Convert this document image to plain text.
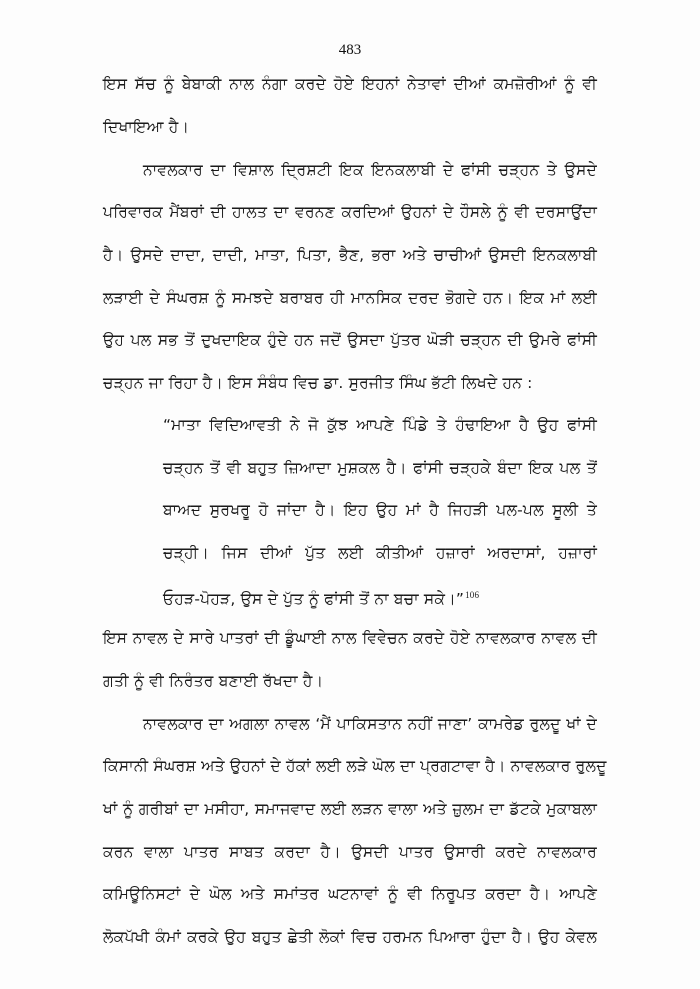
483
ਇਸ ਸੱਚ ਨੂੰ ਬੇਬਾਕੀ ਨਾਲ ਨੰਗਾ ਕਰਦੇ ਹੋਏ ਇਹਨਾਂ ਨੇਤਾਵਾਂ ਦੀਆਂ ਕਮਜ਼ੋਰੀਆਂ ਨੂੰ ਵੀ
ਦਿਖਾਇਆ ਹੈ।
ਨਾਵਲਕਾਰ ਦਾ ਵਿਸ਼ਾਲ ਦ੍ਰਿਸ਼ਟੀ ਇਕ ਇਨਕਲਾਬੀ ਦੇ ਫਾਂਸੀ ਚੜ੍ਹਨ ਤੇ ਉਸਦੇ
ਪਰਿਵਾਰਕ ਮੈਂਬਰਾਂ ਦੀ ਹਾਲਤ ਦਾ ਵਰਨਣ ਕਰਦਿਆਂ ਉਹਨਾਂ ਦੇ ਹੌਸਲੇ ਨੂੰ ਵੀ ਦਰਸਾਉਂਦਾ
ਹੈ। ਉਸਦੇ ਦਾਦਾ, ਦਾਦੀ, ਮਾਤਾ, ਪਿਤਾ, ਭੈਣ, ਭਰਾ ਅਤੇ ਚਾਚੀਆਂ ਉਸਦੀ ਇਨਕਲਾਬੀ
ਲੜਾਈ ਦੇ ਸੰਘਰਸ਼ ਨੂੰ ਸਮਝਦੇ ਬਰਾਬਰ ਹੀ ਮਾਨਸਿਕ ਦਰਦ ਭੋਗਦੇ ਹਨ। ਇਕ ਮਾਂ ਲਈ
ਉਹ ਪਲ ਸਭ ਤੋਂ ਦੁਖਦਾਇਕ ਹੁੰਦੇ ਹਨ ਜਦੋਂ ਉਸਦਾ ਪੁੱਤਰ ਘੋੜੀ ਚੜ੍ਹਨ ਦੀ ਉਮਰੇ ਫਾਂਸੀ
ਚੜ੍ਹਨ ਜਾ ਰਿਹਾ ਹੈ। ਇਸ ਸੰਬੰਧ ਵਿਚ ਡਾ. ਸੁਰਜੀਤ ਸਿੰਘ ਭੱਟੀ ਲਿਖਦੇ ਹਨ :
“ਮਾਤਾ ਵਿਦਿਆਵਤੀ ਨੇ ਜੋ ਕੁੱਝ ਆਪਣੇ ਪਿੰਡੇ ਤੇ ਹੰਢਾਇਆ ਹੈ ਉਹ ਫਾਂਸੀ
ਚੜ੍ਹਨ ਤੋਂ ਵੀ ਬਹੁਤ ਜ਼ਿਆਦਾ ਮੁਸ਼ਕਲ ਹੈ। ਫਾਂਸੀ ਚੜ੍ਹਕੇ ਬੰਦਾ ਇਕ ਪਲ ਤੋਂ
ਬਾਅਦ ਸੁਰਖਰੂ ਹੋ ਜਾਂਦਾ ਹੈ। ਇਹ ਉਹ ਮਾਂ ਹੈ ਜਿਹੜੀ ਪਲ-ਪਲ ਸੂਲੀ ਤੇ
ਚੜ੍ਹੀ। ਜਿਸ ਦੀਆਂ ਪੁੱਤ ਲਈ ਕੀਤੀਆਂ ਹਜ਼ਾਰਾਂ ਅਰਦਾਸਾਂ, ਹਜ਼ਾਰਾਂ
ਓਹੜ-ਪੋਹੜ, ਉਸ ਦੇ ਪੁੱਤ ਨੂੰ ਫਾਂਸੀ ਤੋਂ ਨਾ ਬਚਾ ਸਕੇ।”$^{106}$
ਇਸ ਨਾਵਲ ਦੇ ਸਾਰੇ ਪਾਤਰਾਂ ਦੀ ਡੂੰਘਾਈ ਨਾਲ ਵਿਵੇਚਨ ਕਰਦੇ ਹੋਏ ਨਾਵਲਕਾਰ ਨਾਵਲ ਦੀ
ਗਤੀ ਨੂੰ ਵੀ ਨਿਰੰਤਰ ਬਣਾਈ ਰੱਖਦਾ ਹੈ।
ਨਾਵਲਕਾਰ ਦਾ ਅਗਲਾ ਨਾਵਲ ‘ਮੈਂ ਪਾਕਿਸਤਾਨ ਨਹੀਂ ਜਾਣਾ’ ਕਾਮਰੇਡ ਰੁਲਦੂ ਖਾਂ ਦੇ
ਕਿਸਾਨੀ ਸੰਘਰਸ਼ ਅਤੇ ਉਹਨਾਂ ਦੇ ਹੱਕਾਂ ਲਈ ਲੜੇ ਘੋਲ ਦਾ ਪ੍ਰਗਟਾਵਾ ਹੈ। ਨਾਵਲਕਾਰ ਰੁਲਦੂ
ਖਾਂ ਨੂੰ ਗਰੀਬਾਂ ਦਾ ਮਸੀਹਾ, ਸਮਾਜਵਾਦ ਲਈ ਲੜਨ ਵਾਲਾ ਅਤੇ ਜ਼ੁਲਮ ਦਾ ਡੱਟਕੇ ਮੁਕਾਬਲਾ
ਕਰਨ ਵਾਲਾ ਪਾਤਰ ਸਾਬਤ ਕਰਦਾ ਹੈ। ਉਸਦੀ ਪਾਤਰ ਉਸਾਰੀ ਕਰਦੇ ਨਾਵਲਕਾਰ
ਕਮਿਊਨਿਸਟਾਂ ਦੇ ਘੋਲ ਅਤੇ ਸਮਾਂਤਰ ਘਟਨਾਵਾਂ ਨੂੰ ਵੀ ਨਿਰੂਪਤ ਕਰਦਾ ਹੈ। ਆਪਣੇ
ਲੋਕਪੱਖੀ ਕੰਮਾਂ ਕਰਕੇ ਉਹ ਬਹੁਤ ਛੇਤੀ ਲੋਕਾਂ ਵਿਚ ਹਰਮਨ ਪਿਆਰਾ ਹੁੰਦਾ ਹੈ। ਉਹ ਕੇਵਲ
